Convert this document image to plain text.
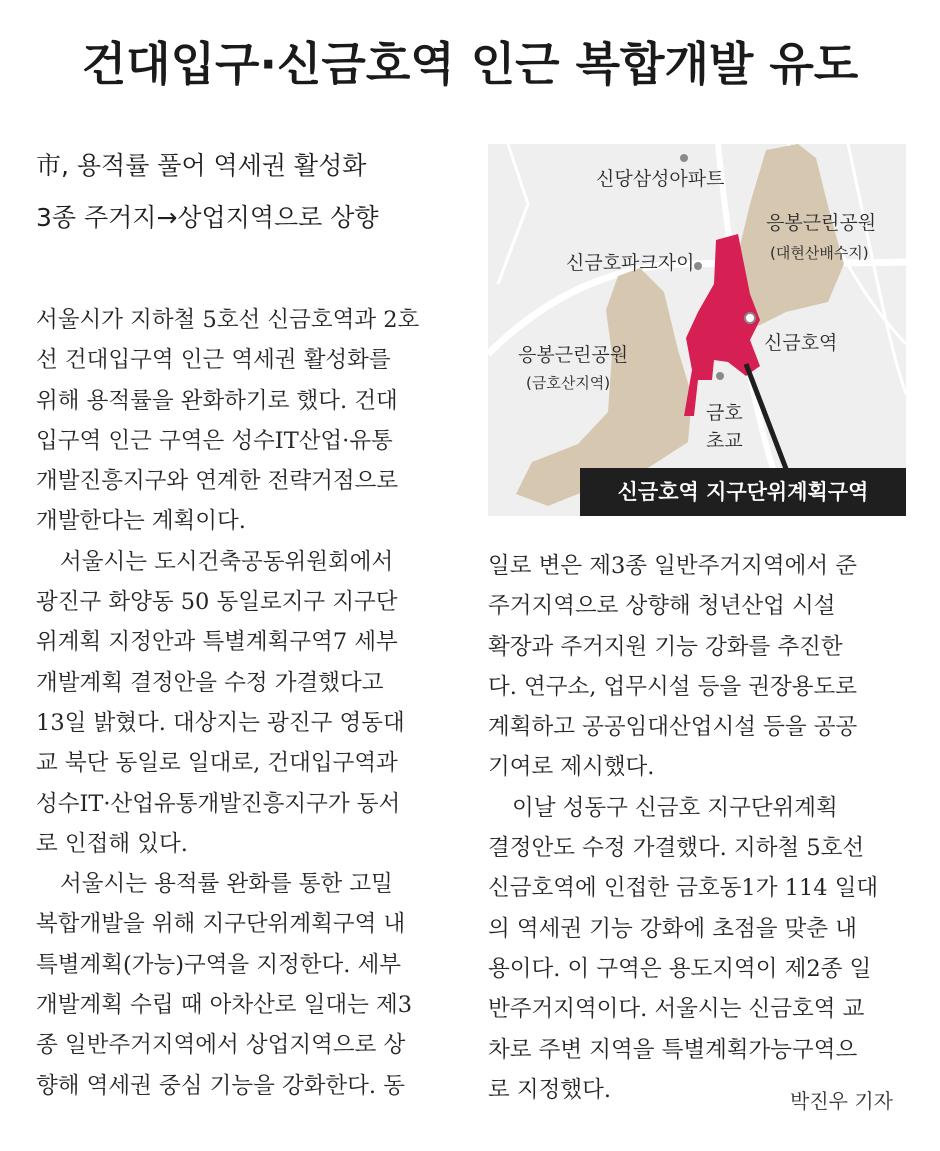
건대입구·신금호역 인근 복합개발 유도
市, 용적률 풀어 역세권 활성화
3종 주거지→상업지역으로 상향
신당삼성아파트
응봉근린공원
(대현산배수지)
신금호파크자이
신금호역
응봉근린공원
(금호산지역)
금호
초교
신금호역 지구단위계획구역
서울시가 지하철 5호선 신금호역과 2호
선 건대입구역 인근 역세권 활성화를
위해 용적률을 완화하기로 했다. 건대
입구역 인근 구역은 성수IT산업·유통
개발진흥지구와 연계한 전략거점으로
개발한다는 계획이다.
서울시는 도시건축공동위원회에서
광진구 화양동 50 동일로지구 지구단
위계획 지정안과 특별계획구역7 세부
개발계획 결정안을 수정 가결했다고
13일 밝혔다. 대상지는 광진구 영동대
교 북단 동일로 일대로, 건대입구역과
성수IT·산업유통개발진흥지구가 동서
로 인접해 있다.
서울시는 용적률 완화를 통한 고밀
복합개발을 위해 지구단위계획구역 내
특별계획(가능)구역을 지정한다. 세부
개발계획 수립 때 아차산로 일대는 제3
종 일반주거지역에서 상업지역으로 상
향해 역세권 중심 기능을 강화한다. 동
일로 변은 제3종 일반주거지역에서 준
주거지역으로 상향해 청년산업 시설
확장과 주거지원 기능 강화를 추진한
다. 연구소, 업무시설 등을 권장용도로
계획하고 공공임대산업시설 등을 공공
기여로 제시했다.
이날 성동구 신금호 지구단위계획
결정안도 수정 가결했다. 지하철 5호선
신금호역에 인접한 금호동1가 114 일대
의 역세권 기능 강화에 초점을 맞춘 내
용이다. 이 구역은 용도지역이 제2종 일
반주거지역이다. 서울시는 신금호역 교
차로 주변 지역을 특별계획가능구역으
로 지정했다.	박진우 기자
